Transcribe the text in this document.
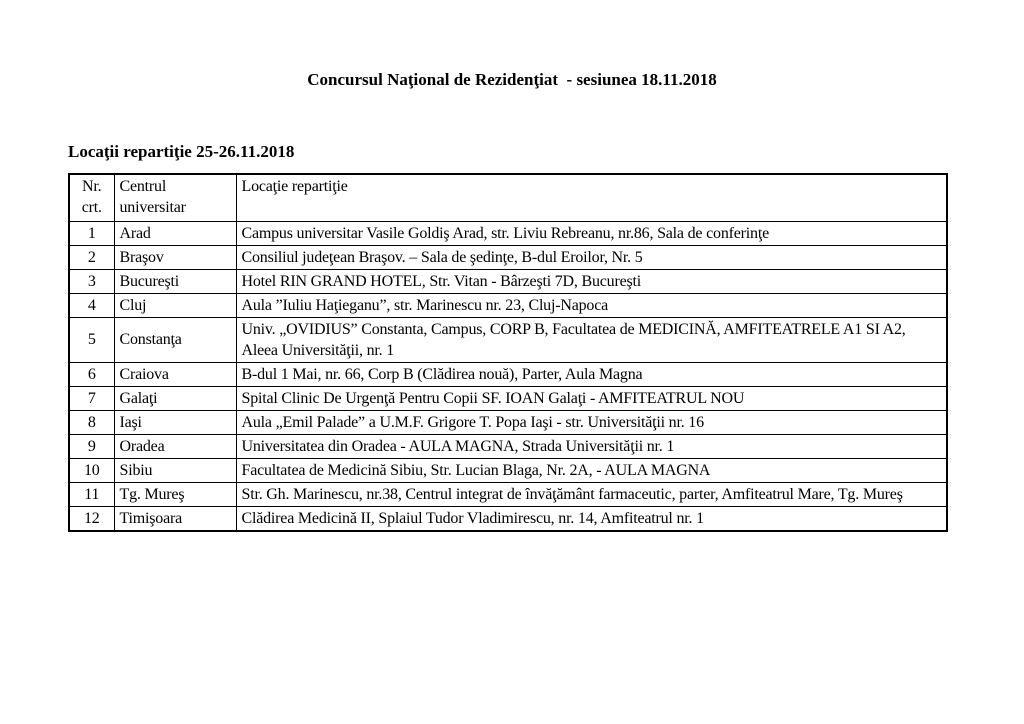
Concursul Naţional de Rezidenţiat  - sesiunea 18.11.2018
Locaţii repartiţie 25-26.11.2018
Nr. crt.	Centrul universitar	Locaţie repartiţie
1	Arad	Campus universitar Vasile Goldiş Arad, str. Liviu Rebreanu, nr.86, Sala de conferinţe
2	Braşov	Consiliul judeţean Braşov. – Sala de şedinţe, B-dul Eroilor, Nr. 5
3	Bucureşti	Hotel RIN GRAND HOTEL, Str. Vitan - Bârzeşti 7D, Bucureşti
4	Cluj	Aula ”Iuliu Haţieganu”, str. Marinescu nr. 23, Cluj-Napoca
5	Constanţa	Univ. „OVIDIUS” Constanta, Campus, CORP B, Facultatea de MEDICINĂ, AMFITEATRELE A1 SI A2, Aleea Universităţii, nr. 1
6	Craiova	B-dul 1 Mai, nr. 66, Corp B (Clădirea nouă), Parter, Aula Magna
7	Galaţi	Spital Clinic De Urgenţă Pentru Copii SF. IOAN Galaţi - AMFITEATRUL NOU
8	Iaşi	Aula „Emil Palade” a U.M.F. Grigore T. Popa Iaşi - str. Universităţii nr. 16
9	Oradea	Universitatea din Oradea - AULA MAGNA, Strada Universităţii nr. 1
10	Sibiu	Facultatea de Medicină Sibiu, Str. Lucian Blaga, Nr. 2A, - AULA MAGNA
11	Tg. Mureş	Str. Gh. Marinescu, nr.38, Centrul integrat de învăţământ farmaceutic, parter, Amfiteatrul Mare, Tg. Mureş
12	Timişoara	Clădirea Medicină II, Splaiul Tudor Vladimirescu, nr. 14, Amfiteatrul nr. 1
